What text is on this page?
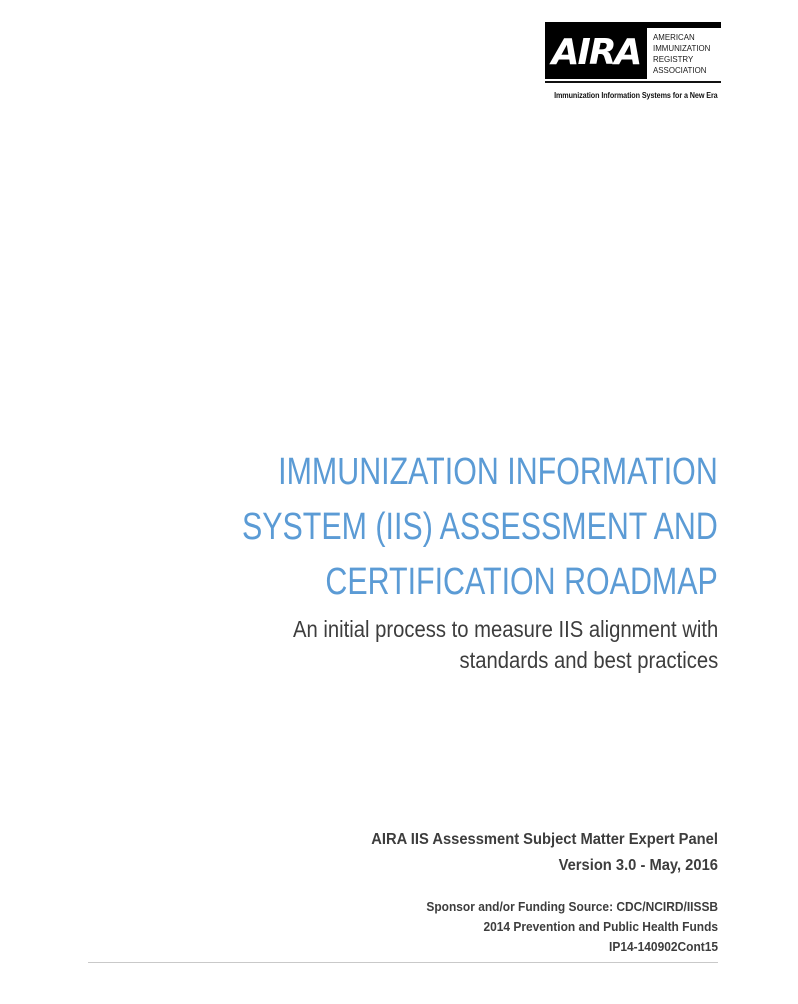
AIRA	AMERICAN
IMMUNIZATION
REGISTRY
ASSOCIATION
Immunization Information Systems for a New Era
IMMUNIZATION INFORMATION
SYSTEM (IIS) ASSESSMENT AND
CERTIFICATION ROADMAP
An initial process to measure IIS alignment with
standards and best practices
AIRA IIS Assessment Subject Matter Expert Panel
Version 3.0 - May, 2016
Sponsor and/or Funding Source: CDC/NCIRD/IISSB
2014 Prevention and Public Health Funds
IP14-140902Cont15
